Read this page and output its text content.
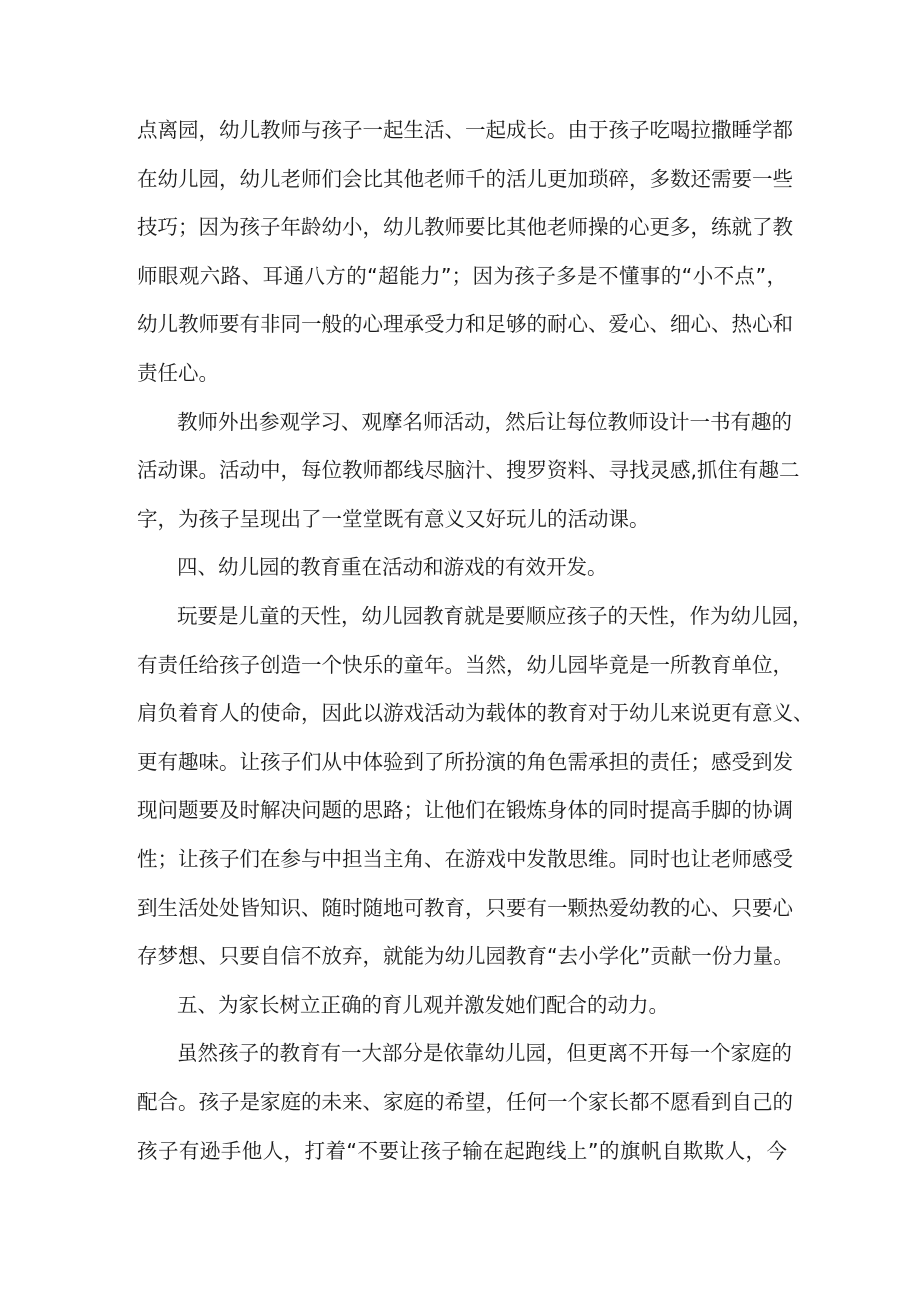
点离园，幼儿教师与孩子一起生活、一起成长。由于孩子吃喝拉撒睡学都
在幼儿园，幼儿老师们会比其他老师千的活儿更加琐碎，多数还需要一些
技巧；因为孩子年龄幼小，幼儿教师要比其他老师操的心更多，练就了教
师眼观六路、耳通八方的“超能力”；因为孩子多是不懂事的“小不点”，
幼儿教师要有非同一般的心理承受力和足够的耐心、爱心、细心、热心和
责任心。
教师外出参观学习、观摩名师活动，然后让每位教师设计一书有趣的
活动课。活动中，每位教师都线尽脑汁、搜罗资料、寻找灵感,抓住有趣二
字，为孩子呈现出了一堂堂既有意义又好玩儿的活动课。
四、幼儿园的教育重在活动和游戏的有效开发。
玩要是儿童的天性，幼儿园教育就是要顺应孩子的天性，作为幼儿园，
有责任给孩子创造一个快乐的童年。当然，幼儿园毕竟是一所教育单位，
肩负着育人的使命，因此以游戏活动为载体的教育对于幼儿来说更有意义、
更有趣味。让孩子们从中体验到了所扮演的角色需承担的责任；感受到发
现问题要及时解决问题的思路；让他们在锻炼身体的同时提高手脚的协调
性；让孩子们在参与中担当主角、在游戏中发散思维。同时也让老师感受
到生活处处皆知识、随时随地可教育，只要有一颗热爱幼教的心、只要心
存梦想、只要自信不放弃，就能为幼儿园教育“去小学化”贡献一份力量。
五、为家长树立正确的育儿观并激发她们配合的动力。
虽然孩子的教育有一大部分是依靠幼儿园，但更离不开每一个家庭的
配合。孩子是家庭的未来、家庭的希望，任何一个家长都不愿看到自己的
孩子有逊手他人，打着“不要让孩子输在起跑线上”的旗帆自欺欺人，今
